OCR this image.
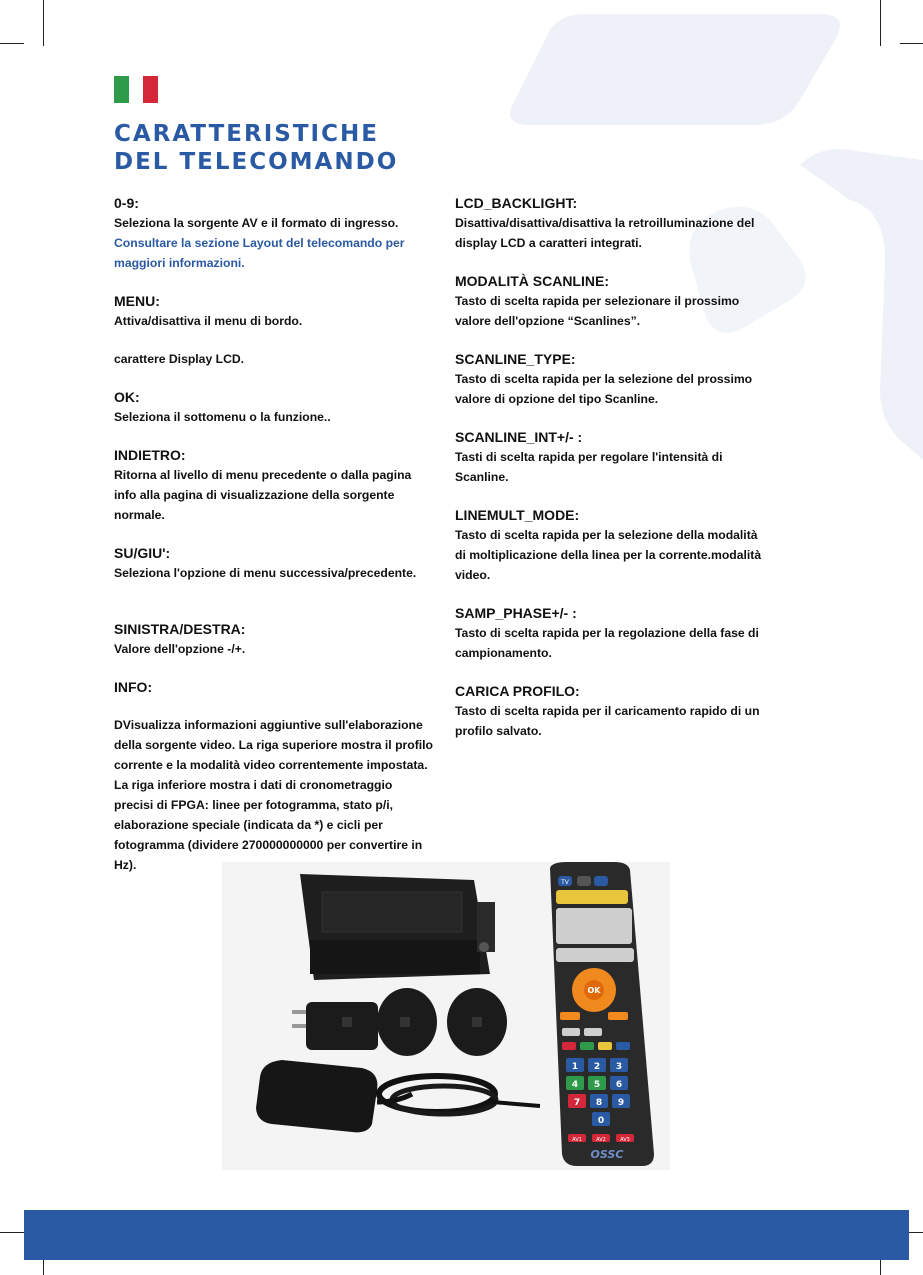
CARATTERISTICHE
DEL TELECOMANDO
0-9:

Seleziona la sorgente AV e il formato di ingresso.

Consultare la sezione Layout del telecomando per maggiori informazioni.

MENU:

Attiva/disattiva il menu di bordo.

carattere Display LCD.

OK:

Seleziona il sottomenu o la funzione..

INDIETRO:

Ritorna al livello di menu precedente o dalla pagina info alla pagina di visualizzazione della sorgente normale.

SU/GIU':

Seleziona l'opzione di menu successiva/precedente.

SINISTRA/DESTRA:

Valore dell'opzione -/+.

INFO:

DVisualizza informazioni aggiuntive sull'elaborazione della sorgente video. La riga superiore mostra il profilo corrente e la modalità video correntemente impostata. La riga inferiore mostra i dati di cronometraggio precisi di FPGA: linee per fotogramma, stato p/i, elaborazione speciale (indicata da *) e cicli per fotogramma (dividere 270000000000 per convertire in Hz).

LCD_BACKLIGHT:

Disattiva/disattiva/disattiva la retroilluminazione del display LCD a caratteri integrati.

MODALITÀ SCANLINE:

Tasto di scelta rapida per selezionare il prossimo valore dell'opzione “Scanlines”.

SCANLINE_TYPE:

Tasto di scelta rapida per la selezione del prossimo valore di opzione del tipo Scanline.

SCANLINE_INT+/- :

Tasti di scelta rapida per regolare l'intensità di Scanline.

LINEMULT_MODE:

Tasto di scelta rapida per la selezione della modalità di moltiplicazione della linea per la corrente.modalità video.

SAMP_PHASE+/- :

Tasto di scelta rapida per la regolazione della fase di campionamento.

CARICA PROFILO:

Tasto di scelta rapida per il caricamento rapido di un profilo salvato.

TV
OK
1 2 3
4 5 6
7 8 9
0
AV1	AV2	AV3
OSSC
